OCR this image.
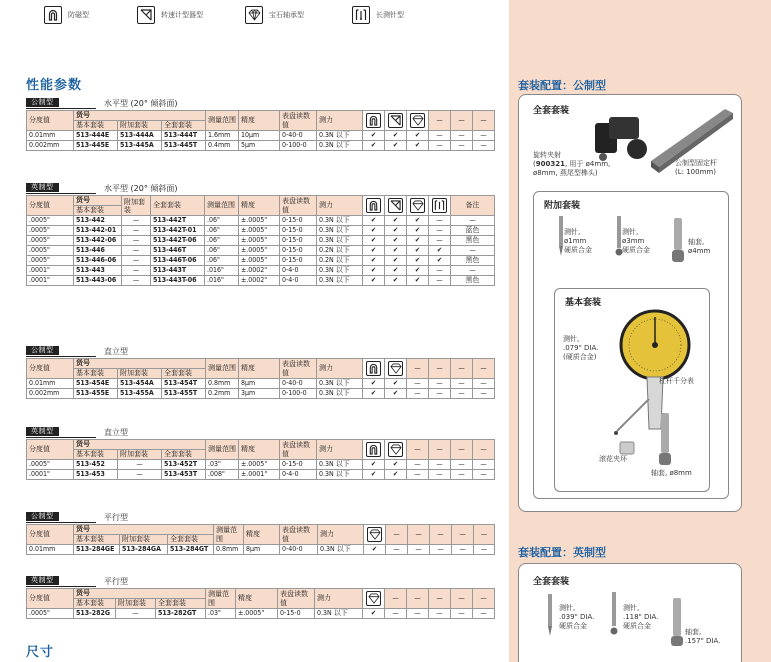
防磁型	转速计型器型	宝石轴承型	长测针型
性能参数
公制型	水平型 (20° 倾斜面)
分度值	货号			测量范围	精度	表盘读数值	测力				—	—	—
	基本套装	附加套装	全套套装										
0.01mm	513-444E	513-444A	513-444T	1.6mm	10μm	0-40-0	0.3N 以下	✔	✔	✔	—	—	—
0.002mm	513-445E	513-445A	513-445T	0.4mm	5μm	0-100-0	0.3N 以下	✔	✔	✔	—	—	—
英制型	水平型 (20° 倾斜面)
分度值	货号	附加套装	全套套装	测量范围	精度	表盘读数值	测力					备注
	基本套装											
.0005"	513-442	—	513-442T	.06"	±.0005"	0-15-0	0.3N 以下	✔	✔	✔	—	—
.0005"	513-442-01	—	513-442T-01	.06"	±.0005"	0-15-0	0.3N 以下	✔	✔	✔	—	蓝色
.0005"	513-442-06	—	513-442T-06	.06"	±.0005"	0-15-0	0.3N 以下	✔	✔	✔	—	黑色
.0005"	513-446	—	513-446T	.06"	±.0005"	0-15-0	0.2N 以下	✔	✔	✔	✔	—
.0005"	513-446-06	—	513-446T-06	.06"	±.0005"	0-15-0	0.2N 以下	✔	✔	✔	✔	黑色
.0001"	513-443	—	513-443T	.016"	±.0002"	0-4-0	0.3N 以下	✔	✔	✔	—	—
.0001"	513-443-06	—	513-443T-06	.016"	±.0002"	0-4-0	0.3N 以下	✔	✔	✔	—	黑色
公制型	直立型
分度值	货号			测量范围	精度	表盘读数值	测力			—	—	—	—
	基本套装	附加套装	全套套装										
0.01mm	513-454E	513-454A	513-454T	0.8mm	8μm	0-40-0	0.3N 以下	✔	✔	—	—	—	—
0.002mm	513-455E	513-455A	513-455T	0.2mm	3μm	0-100-0	0.3N 以下	✔	✔	—	—	—	—
英制型	直立型
分度值	货号			测量范围	精度	表盘读数值	测力			—	—	—	—
	基本套装	附加套装	全套套装										
.0005"	513-452	—	513-452T	.03"	±.0005"	0-15-0	0.3N 以下	✔	✔	—	—	—	—
.0001"	513-453	—	513-453T	.008"	±.0001"	0-4-0	0.3N 以下	✔	✔	—	—	—	—
公制型	平行型
分度值	货号			测量范围	精度	表盘读数值	测力		—	—	—	—	—
	基本套装	附加套装	全套套装										
0.01mm	513-284GE	513-284GA	513-284GT	0.8mm	8μm	0-40-0	0.3N 以下	✔	—	—	—	—	—
英制型	平行型
分度值	货号			测量范围	精度	表盘读数值	测力		—	—	—	—	—
	基本套装	附加套装	全套套装										
.0005"	513-282G	—	513-282GT	.03"	±.0005"	0-15-0	0.3N 以下	✔	—	—	—	—	—
尺寸
套装配置：公制型
全套套装
旋转夹射
(900321, 用于 ø4mm,
ø8mm, 燕尾型榫头)
公制型固定杆
(L: 100mm)
附加套装
测针,
ø1mm
硬质合金
测针,
ø3mm
硬质合金
轴套,
ø4mm
基本套装
测针,
.079" DIA.
(硬质合金)
杠杆千分表
滚花夹环
轴套, ø8mm
套装配置：英制型
全套套装
测针,
.039" DIA.
硬质合金
测针,
.118" DIA.
硬质合金
轴套,
.157" DIA.
